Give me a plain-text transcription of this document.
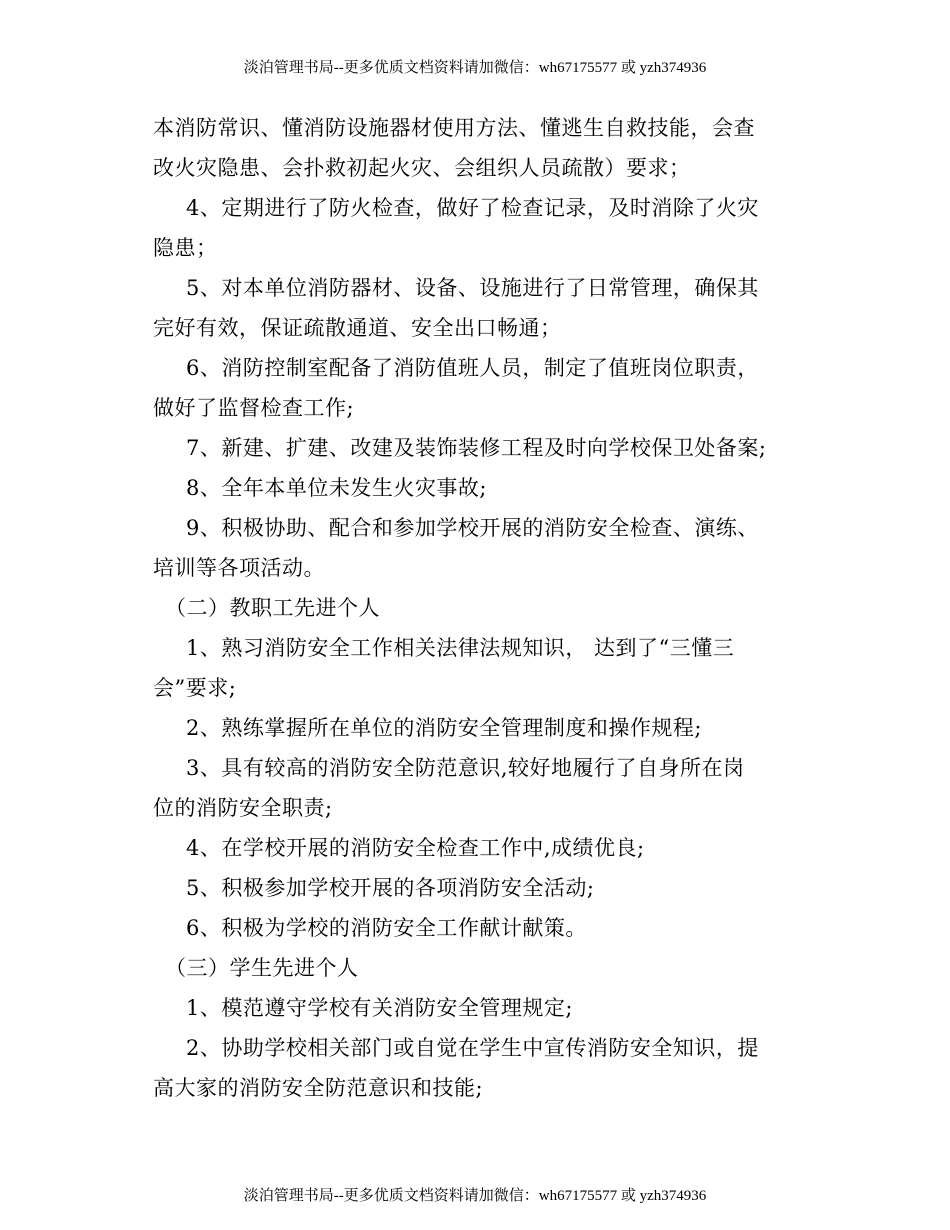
淡泊管理书局--更多优质文档资料请加微信：wh67175577 或 yzh374936
本消防常识、懂消防设施器材使用方法、懂逃生自救技能，会查
改火灾隐患、会扑救初起火灾、会组织人员疏散）要求；
4、定期进行了防火检查，做好了检查记录，及时消除了火灾
隐患；
5、对本单位消防器材、设备、设施进行了日常管理，确保其
完好有效，保证疏散通道、安全出口畅通；
6、消防控制室配备了消防值班人员，制定了值班岗位职责，
做好了监督检查工作;
7、新建、扩建、改建及装饰装修工程及时向学校保卫处备案;
8、全年本单位未发生火灾事故;
9、积极协助、配合和参加学校开展的消防安全检查、演练、
培训等各项活动。
（二）教职工先进个人
1、熟习消防安全工作相关法律法规知识， 达到了“三懂三
会”要求;
2、熟练掌握所在单位的消防安全管理制度和操作规程;
3、具有较高的消防安全防范意识,较好地履行了自身所在岗
位的消防安全职责;
4、在学校开展的消防安全检查工作中,成绩优良;
5、积极参加学校开展的各项消防安全活动;
6、积极为学校的消防安全工作献计献策。
（三）学生先进个人
1、模范遵守学校有关消防安全管理规定;
2、协助学校相关部门或自觉在学生中宣传消防安全知识，提
高大家的消防安全防范意识和技能;
淡泊管理书局--更多优质文档资料请加微信：wh67175577 或 yzh374936
